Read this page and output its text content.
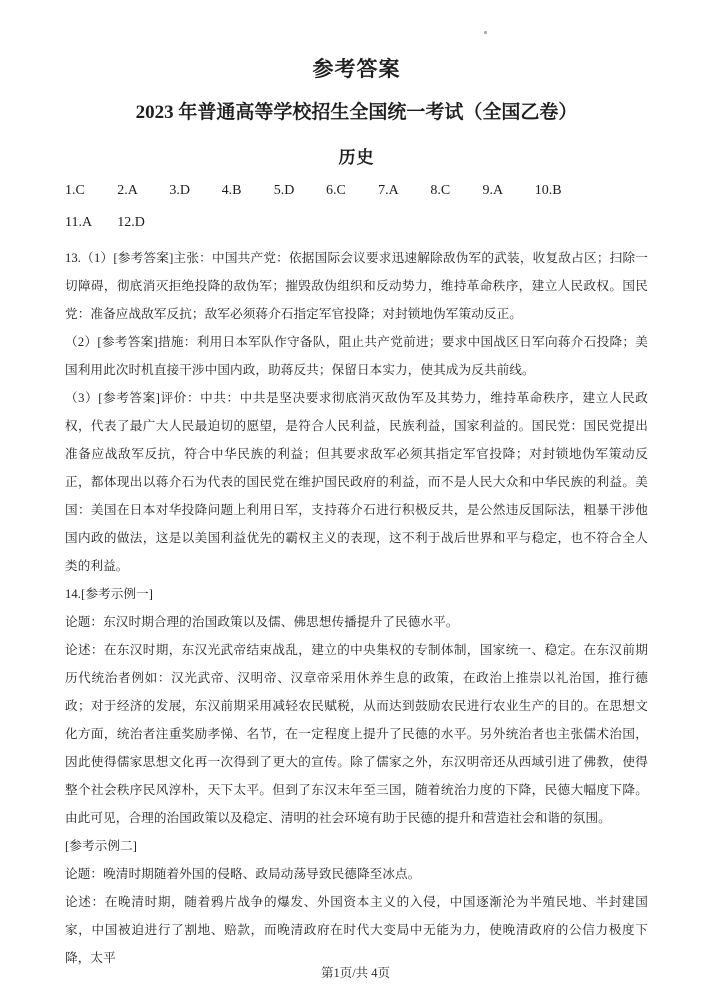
参考答案
2023 年普通高等学校招生全国统一考试（全国乙卷）
历史
1.C 2.A 3.D 4.B 5.D 6.C 7.A 8.C 9.A 10.B
11.A 12.D

13.（1）[参考答案]主张：中国共产党：依据国际会议要求迅速解除敌伪军的武装，收复敌占区；扫除一切障碍，彻底消灭拒绝投降的敌伪军；摧毁敌伪组织和反动势力，维持革命秩序，建立人民政权。国民党：准备应战敌军反抗；敌军必须蒋介石指定军官投降；对封锁地伪军策动反正。

（2）[参考答案]措施：利用日本军队作守备队，阻止共产党前进；要求中国战区日军向蒋介石投降；美国利用此次时机直接干涉中国内政，助蒋反共；保留日本实力，使其成为反共前线。

（3）[参考答案]评价：中共：中共是坚决要求彻底消灭敌伪军及其势力，维持革命秩序，建立人民政权，代表了最广大人民最迫切的愿望，是符合人民利益，民族利益，国家利益的。国民党：国民党提出准备应战敌军反抗，符合中华民族的利益；但其要求敌军必须其指定军官投降；对封锁地伪军策动反正，都体现出以蒋介石为代表的国民党在维护国民政府的利益，而不是人民大众和中华民族的利益。美国：美国在日本对华投降问题上利用日军，支持蒋介石进行积极反共，是公然违反国际法，粗暴干涉他国内政的做法，这是以美国利益优先的霸权主义的表现，这不利于战后世界和平与稳定，也不符合全人类的利益。

14.[参考示例一]

论题：东汉时期合理的治国政策以及儒、佛思想传播提升了民德水平。

论述：在东汉时期，东汉光武帝结束战乱，建立的中央集权的专制体制，国家统一、稳定。在东汉前期历代统治者例如：汉光武帝、汉明帝、汉章帝采用休养生息的政策，在政治上推崇以礼治国，推行德政；对于经济的发展，东汉前期采用减轻农民赋税，从而达到鼓励农民进行农业生产的目的。在思想文化方面，统治者注重奖励孝悌、名节，在一定程度上提升了民德的水平。另外统治者也主张儒术治国，因此使得儒家思想文化再一次得到了更大的宣传。除了儒家之外，东汉明帝还从西域引进了佛教，使得整个社会秩序民风淳朴，天下太平。但到了东汉末年至三国，随着统治力度的下降，民德大幅度下降。由此可见，合理的治国政策以及稳定、清明的社会环境有助于民德的提升和营造社会和谐的氛围。

[参考示例二]

论题：晚清时期随着外国的侵略、政局动荡导致民德降至冰点。

论述：在晚清时期，随着鸦片战争的爆发、外国资本主义的入侵，中国逐渐沦为半殖民地、半封建国家，中国被迫进行了割地、赔款，而晚清政府在时代大变局中无能为力，使晚清政府的公信力极度下降，太平

第1页/共 4页
